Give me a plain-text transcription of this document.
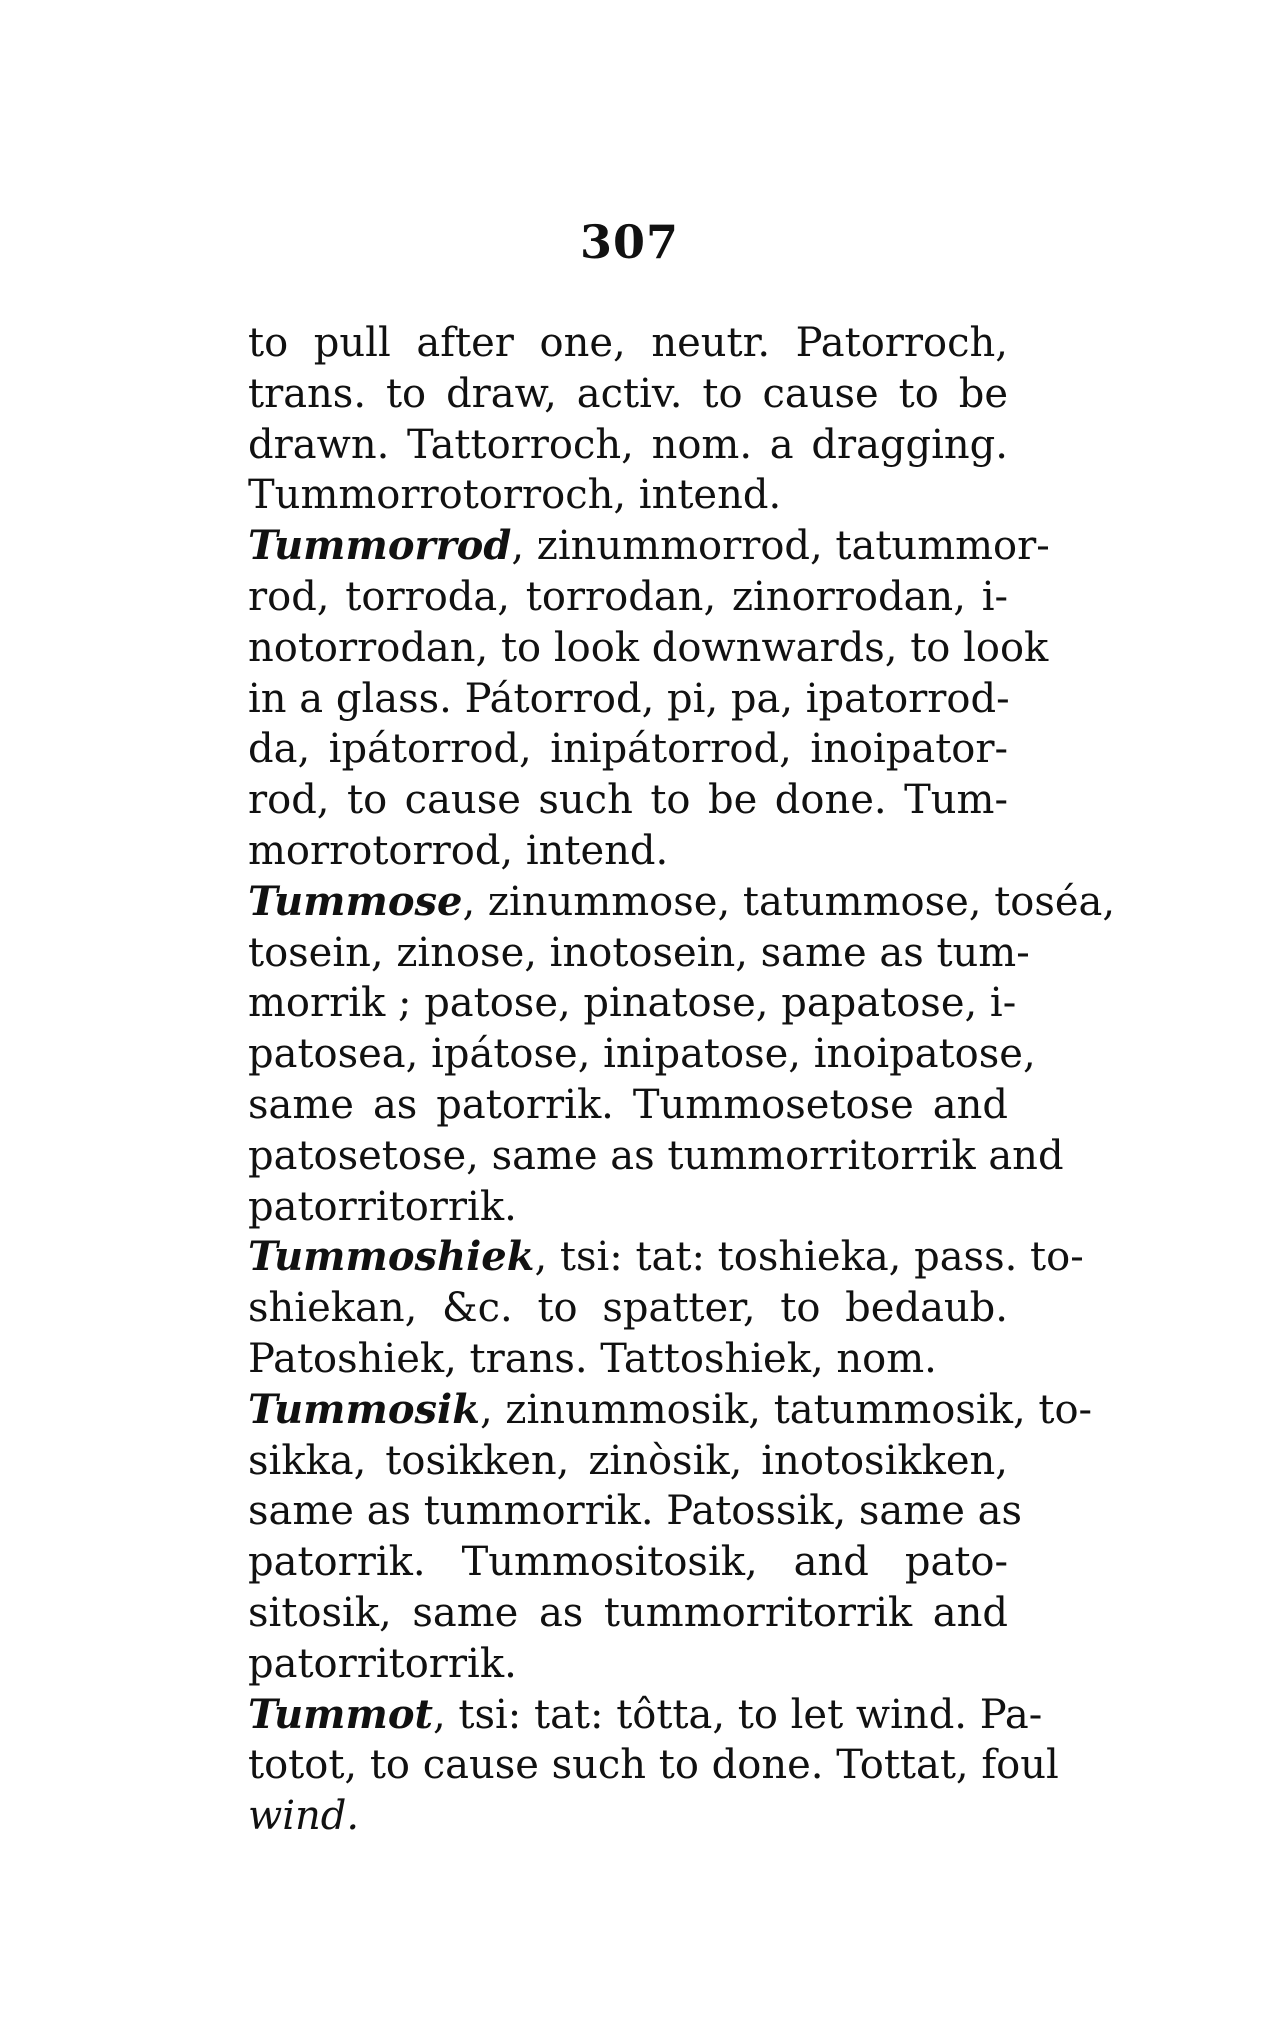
307

to pull after one, neutr. Patorroch,
trans. to draw, activ. to cause to be
drawn. Tattorroch, nom. a dragging.
Tummorrotorroch, intend.

Tummorrod, zinummorrod, tatummor-
rod, torroda, torrodan, zinorrodan, i-
notorrodan, to look downwards, to look
in a glass. Pátorrod, pi, pa, ipatorrod-
da, ipátorrod, inipátorrod, inoipator-
rod, to cause such to be done. Tum-
morrotorrod, intend.

Tummose, zinummose, tatummose, toséa,
tosein, zinose, inotosein, same as tum-
morrik ; patose, pinatose, papatose, i-
patosea, ipátose, inipatose, inoipatose,
same as patorrik. Tummosetose and
patosetose, same as tummorritorrik and
patorritorrik.

Tummoshiek, tsi: tat: toshieka, pass. to-
shiekan, &c. to spatter, to bedaub.
Patoshiek, trans. Tattoshiek, nom.

Tummosik, zinummosik, tatummosik, to-
sikka, tosikken, zinòsik, inotosikken,
same as tummorrik. Patossik, same as
patorrik. Tummositosik, and pato-
sitosik, same as tummorritorrik and
patorritorrik.

Tummot, tsi: tat: tôtta, to let wind. Pa-
totot, to cause such to done. Tottat, foul
wind.
